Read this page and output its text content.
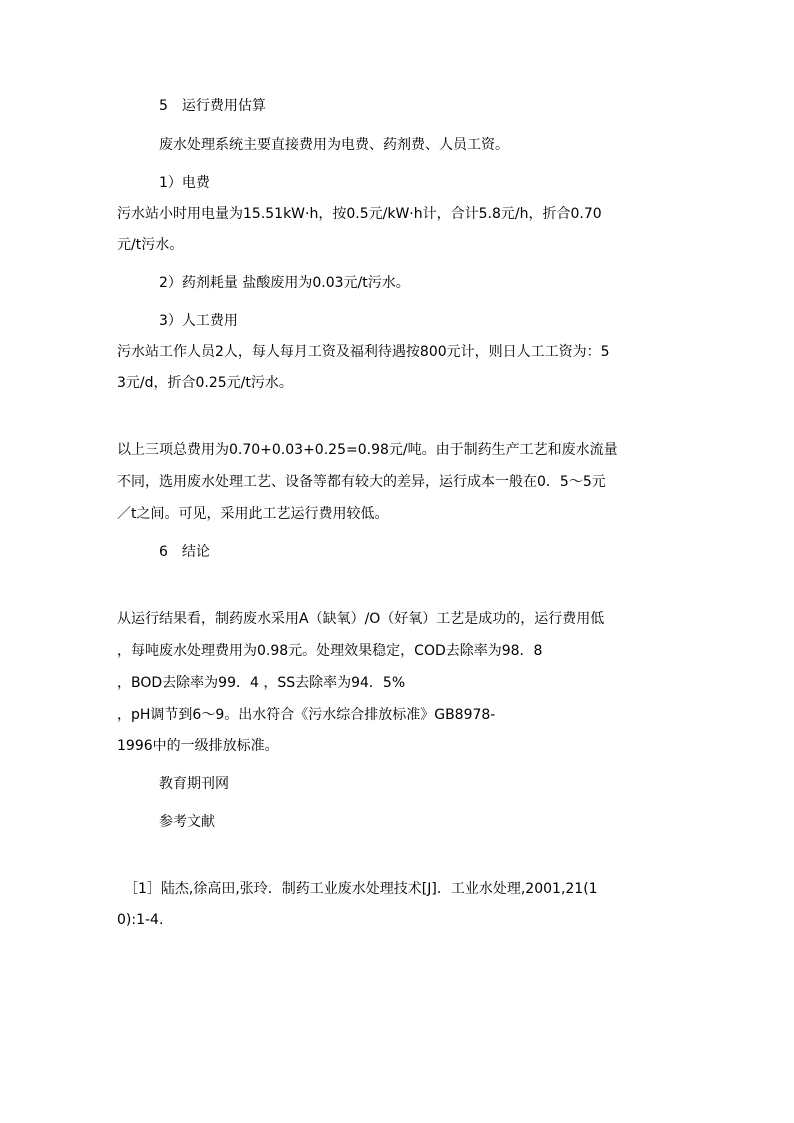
5　运行费用估算
废水处理系统主要直接费用为电费、药剂费、人员工资。
1）电费
污水站小时用电量为15.51kW·h，按0.5元/kW·h计，合计5.8元/h，折合0.70
元/t污水。
2）药剂耗量 盐酸废用为0.03元/t污水。
3）人工费用
污水站工作人员2人，每人每月工资及福利待遇按800元计，则日人工工资为：5
3元/d，折合0.25元/t污水。
以上三项总费用为0.70+0.03+0.25=0.98元/吨。由于制药生产工艺和废水流量
不同，选用废水处理工艺、设备等都有较大的差异，运行成本一般在0．5～5元
／t之间。可见，采用此工艺运行费用较低。
6　结论
从运行结果看，制药废水采用A（缺氧）/O（好氧）工艺是成功的，运行费用低
，每吨废水处理费用为0.98元。处理效果稳定，COD去除率为98．8
，BOD去除率为99．4 ，SS去除率为94．5%
，pH调节到6～9。出水符合《污水综合排放标准》GB8978-
1996中的一级排放标准。
教育期刊网
参考文献
［1］陆杰,徐高田,张玲．制药工业废水处理技术[J]．工业水处理,2001,21(1
0):1-4.
